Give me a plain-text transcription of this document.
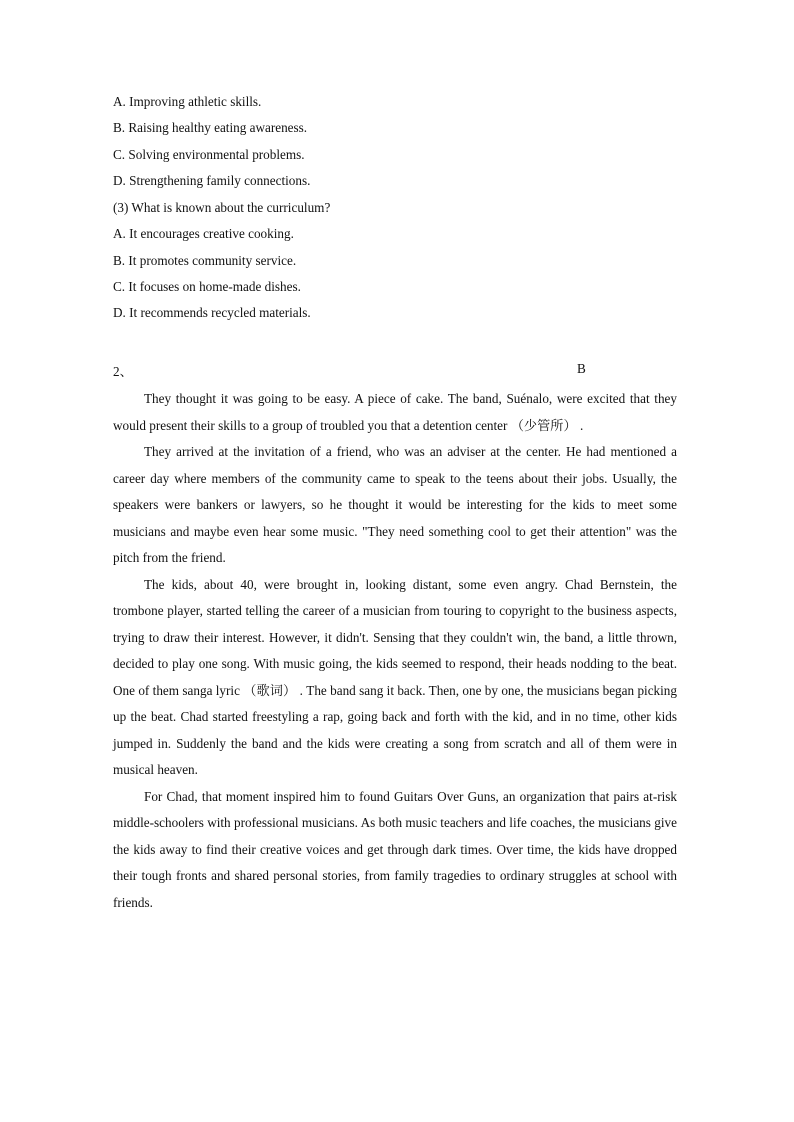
A. Improving athletic skills.
B. Raising healthy eating awareness.
C. Solving environmental problems.
D. Strengthening family connections.
(3) What is known about the curriculum?
A. It encourages creative cooking.
B. It promotes community service.
C. It focuses on home-made dishes.
D. It recommends recycled materials.
2、	B

They thought it was going to be easy. A piece of cake. The band, Suénalo, were excited that they would present their skills to a group of troubled you that a detention center （少管所） .

They arrived at the invitation of a friend, who was an adviser at the center. He had mentioned a career day where members of the community came to speak to the teens about their jobs. Usually, the speakers were bankers or lawyers, so he thought it would be interesting for the kids to meet some musicians and maybe even hear some music. "They need something cool to get their attention" was the pitch from the friend.

The kids, about 40, were brought in, looking distant, some even angry. Chad Bernstein, the trombone player, started telling the career of a musician from touring to copyright to the business aspects, trying to draw their interest. However, it didn't. Sensing that they couldn't win, the band, a little thrown, decided to play one song. With music going, the kids seemed to respond, their heads nodding to the beat. One of them sanga lyric （歌词） . The band sang it back. Then, one by one, the musicians began picking up the beat. Chad started freestyling a rap, going back and forth with the kid, and in no time, other kids jumped in. Suddenly the band and the kids were creating a song from scratch and all of them were in musical heaven.

For Chad, that moment inspired him to found Guitars Over Guns, an organization that pairs at-risk middle-schoolers with professional musicians. As both music teachers and life coaches, the musicians give the kids away to find their creative voices and get through dark times. Over time, the kids have dropped their tough fronts and shared personal stories, from family tragedies to ordinary struggles at school with friends.
